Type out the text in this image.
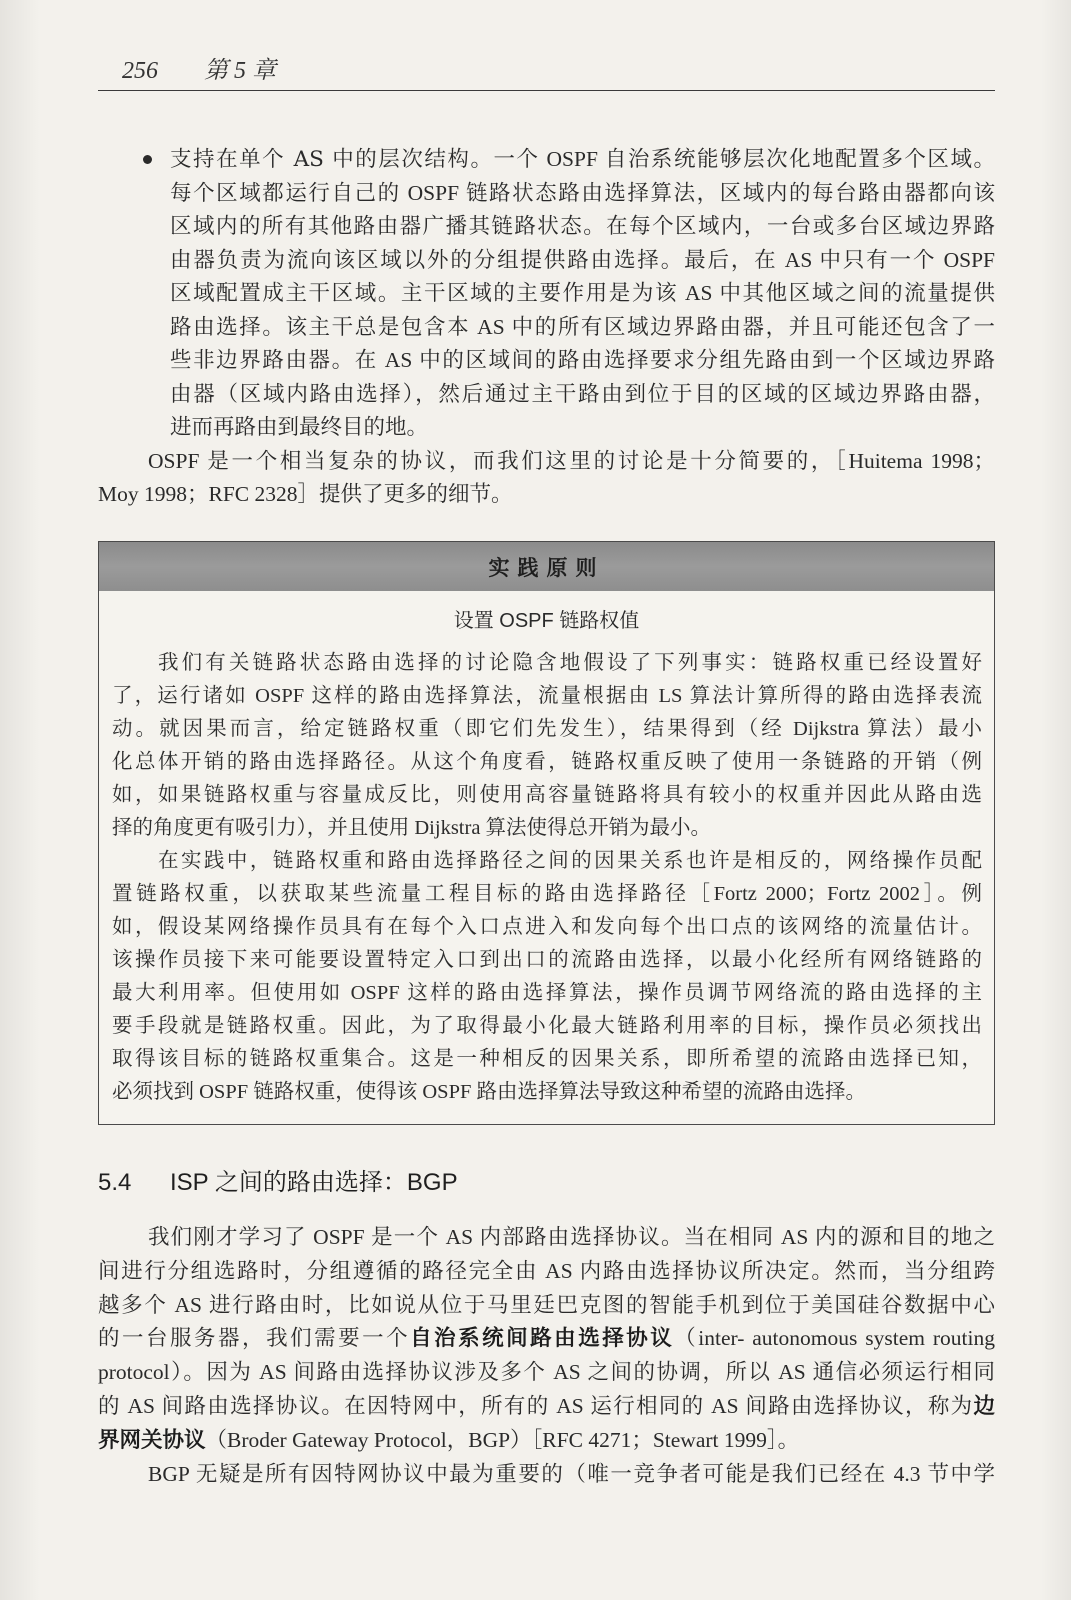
256 第 5 章
支持在单个 AS 中的层次结构。一个 OSPF 自治系统能够层次化地配置多个区域。
每个区域都运行自己的 OSPF 链路状态路由选择算法，区域内的每台路由器都向该
区域内的所有其他路由器广播其链路状态。在每个区域内，一台或多台区域边界路
由器负责为流向该区域以外的分组提供路由选择。最后，在 AS 中只有一个 OSPF
区域配置成主干区域。主干区域的主要作用是为该 AS 中其他区域之间的流量提供
路由选择。该主干总是包含本 AS 中的所有区域边界路由器，并且可能还包含了一
些非边界路由器。在 AS 中的区域间的路由选择要求分组先路由到一个区域边界路
由器（区域内路由选择），然后通过主干路由到位于目的区域的区域边界路由器，
进而再路由到最终目的地。
OSPF 是一个相当复杂的协议，而我们这里的讨论是十分简要的，［Huitema 1998；
Moy 1998；RFC 2328］提供了更多的细节。
实践原则
设置 OSPF 链路权值
我们有关链路状态路由选择的讨论隐含地假设了下列事实：链路权重已经设置好
了，运行诸如 OSPF 这样的路由选择算法，流量根据由 LS 算法计算所得的路由选择表流
动。就因果而言，给定链路权重（即它们先发生），结果得到（经 Dijkstra 算法）最小
化总体开销的路由选择路径。从这个角度看，链路权重反映了使用一条链路的开销（例
如，如果链路权重与容量成反比，则使用高容量链路将具有较小的权重并因此从路由选
择的角度更有吸引力），并且使用 Dijkstra 算法使得总开销为最小。
在实践中，链路权重和路由选择路径之间的因果关系也许是相反的，网络操作员配
置链路权重，以获取某些流量工程目标的路由选择路径［Fortz 2000；Fortz 2002］。例
如，假设某网络操作员具有在每个入口点进入和发向每个出口点的该网络的流量估计。
该操作员接下来可能要设置特定入口到出口的流路由选择，以最小化经所有网络链路的
最大利用率。但使用如 OSPF 这样的路由选择算法，操作员调节网络流的路由选择的主
要手段就是链路权重。因此，为了取得最小化最大链路利用率的目标，操作员必须找出
取得该目标的链路权重集合。这是一种相反的因果关系，即所希望的流路由选择已知，
必须找到 OSPF 链路权重，使得该 OSPF 路由选择算法导致这种希望的流路由选择。
5.4 ISP 之间的路由选择：BGP
我们刚才学习了 OSPF 是一个 AS 内部路由选择协议。当在相同 AS 内的源和目的地之
间进行分组选路时，分组遵循的路径完全由 AS 内路由选择协议所决定。然而，当分组跨
越多个 AS 进行路由时，比如说从位于马里廷巴克图的智能手机到位于美国硅谷数据中心
的一台服务器，我们需要一个自治系统间路由选择协议（inter- autonomous system routing
protocol）。因为 AS 间路由选择协议涉及多个 AS 之间的协调，所以 AS 通信必须运行相同
的 AS 间路由选择协议。在因特网中，所有的 AS 运行相同的 AS 间路由选择协议，称为边
界网关协议（Broder Gateway Protocol，BGP）［RFC 4271；Stewart 1999］。
BGP 无疑是所有因特网协议中最为重要的（唯一竞争者可能是我们已经在 4.3 节中学
